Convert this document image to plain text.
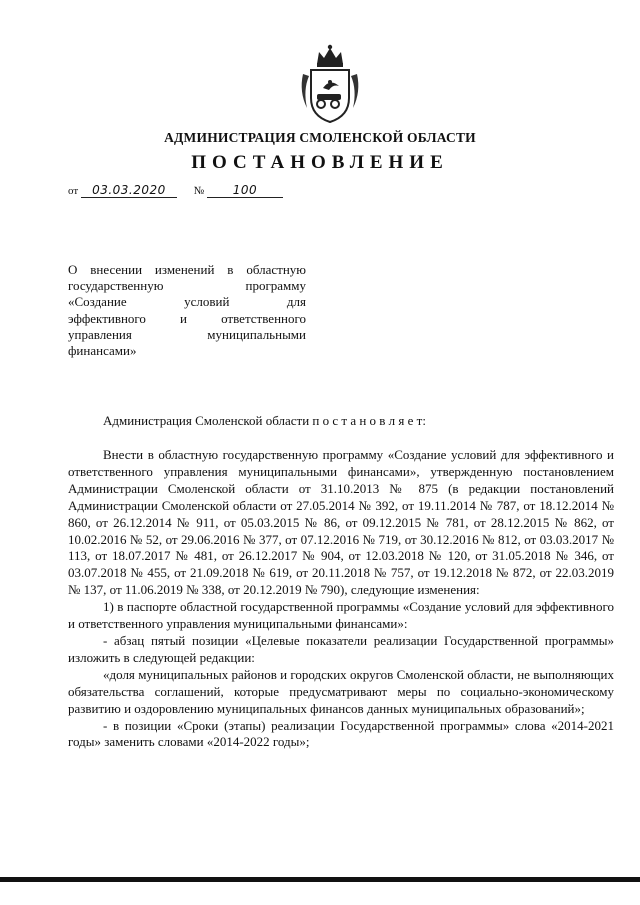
АДМИНИСТРАЦИЯ СМОЛЕНСКОЙ ОБЛАСТИ
ПОСТАНОВЛЕНИЕ
от 03.03.2020	№ 100
О внесении изменений в областную
государственную программу
«Создание условий для
эффективного и ответственного
управления муниципальными
финансами»
Администрация Смоленской области п о с т а н о в л я е т:

Внести в областную государственную программу «Создание условий для эффективного и ответственного управления муниципальными финансами», утвержденную постановлением Администрации Смоленской области от 31.10.2013 № 875 (в редакции постановлений Администрации Смоленской области от 27.05.2014 № 392, от 19.11.2014 № 787, от 18.12.2014 № 860, от 26.12.2014 № 911, от 05.03.2015 № 86, от 09.12.2015 № 781, от 28.12.2015 № 862, от 10.02.2016 № 52, от 29.06.2016 № 377, от 07.12.2016 № 719, от 30.12.2016 № 812, от 03.03.2017 № 113, от 18.07.2017 № 481, от 26.12.2017 № 904, от 12.03.2018 № 120, от 31.05.2018 № 346, от 03.07.2018 № 455, от 21.09.2018 № 619, от 20.11.2018 № 757, от 19.12.2018 № 872, от 22.03.2019 № 137, от 11.06.2019 № 338, от 20.12.2019 № 790), следующие изменения:

1) в паспорте областной государственной программы «Создание условий для эффективного и ответственного управления муниципальными финансами»:

- абзац пятый позиции «Целевые показатели реализации Государственной программы» изложить в следующей редакции:

«доля муниципальных районов и городских округов Смоленской области, не выполняющих обязательства соглашений, которые предусматривают меры по социально-экономическому развитию и оздоровлению муниципальных финансов данных муниципальных образований»;

- в позиции «Сроки (этапы) реализации Государственной программы» слова «2014-2021 годы» заменить словами «2014-2022 годы»;
